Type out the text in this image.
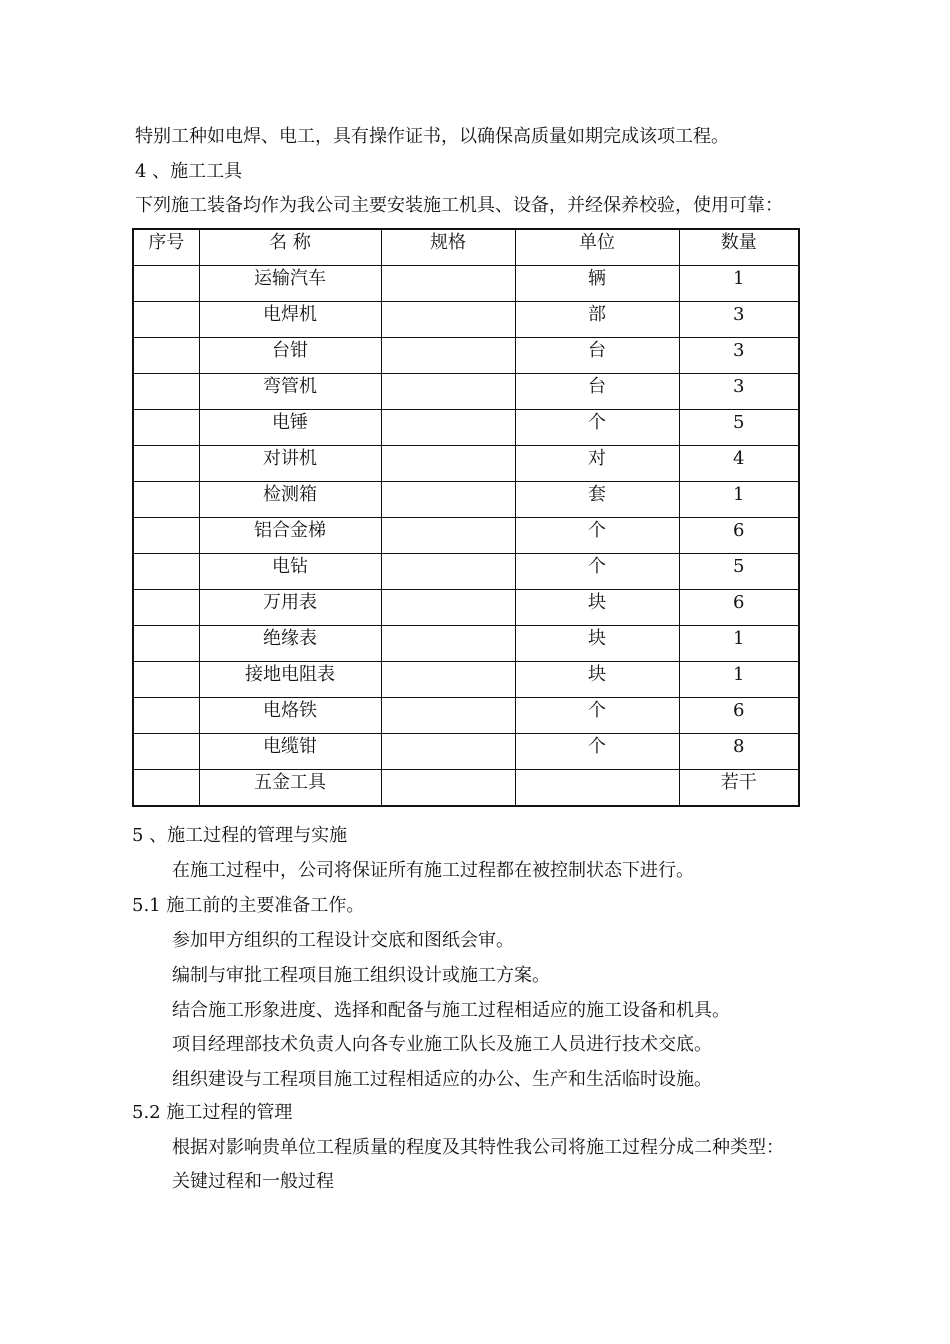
特别工种如电焊、电工，具有操作证书，以确保高质量如期完成该项工程。
4 、施工工具
下列施工装备均作为我公司主要安装施工机具、设备，并经保养校验，使用可靠：
序号	名 称	规格	单位	数量
	运输汽车		辆	1
	电焊机		部	3
	台钳		台	3
	弯管机		台	3
	电锤		个	5
	对讲机		对	4
	检测箱		套	1
	铝合金梯		个	6
	电钻		个	5
	万用表		块	6
	绝缘表		块	1
	接地电阻表		块	1
	电烙铁		个	6
	电缆钳		个	8
	五金工具			若干
5 、施工过程的管理与实施
在施工过程中，公司将保证所有施工过程都在被控制状态下进行。
5.1 施工前的主要准备工作。
参加甲方组织的工程设计交底和图纸会审。
编制与审批工程项目施工组织设计或施工方案。
结合施工形象进度、选择和配备与施工过程相适应的施工设备和机具。
项目经理部技术负责人向各专业施工队长及施工人员进行技术交底。
组织建设与工程项目施工过程相适应的办公、生产和生活临时设施。
5.2 施工过程的管理
根据对影响贵单位工程质量的程度及其特性我公司将施工过程分成二种类型：
关键过程和一般过程
